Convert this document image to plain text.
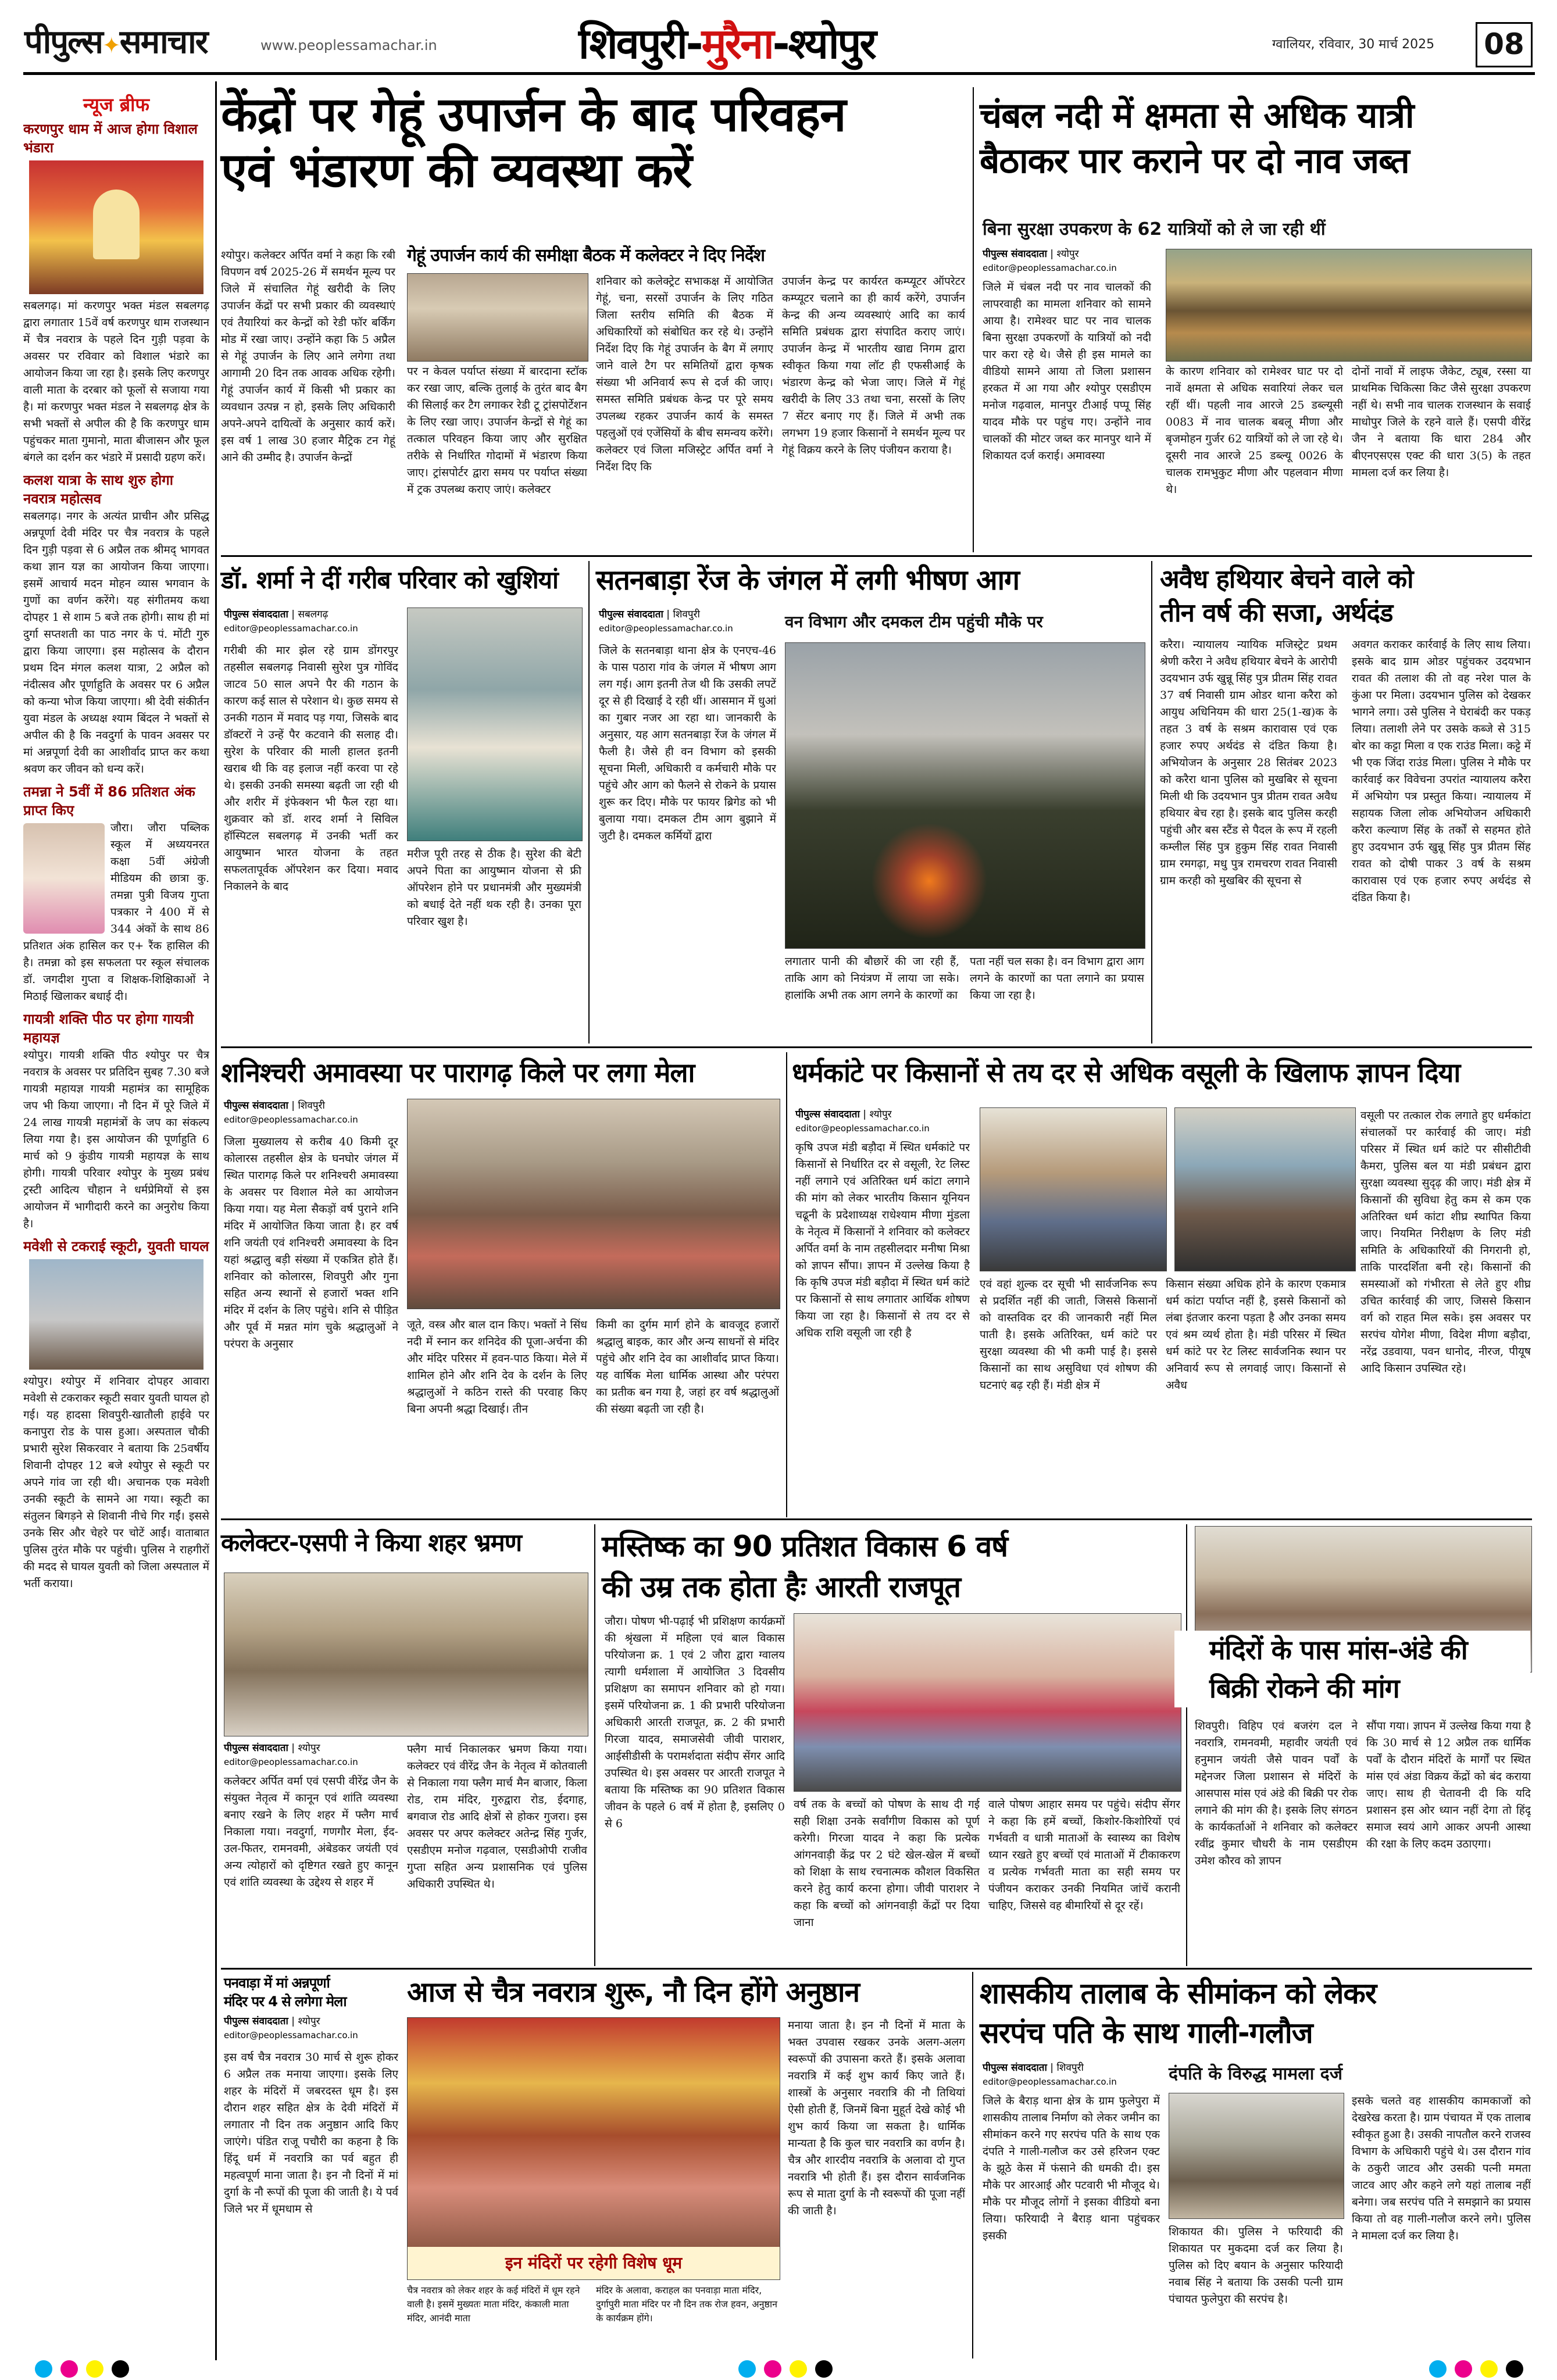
पीपुल्स✦समाचार	www.peoplessamachar.in	शिवपुरी-मुरैना-श्योपुर	ग्वालियर, रविवार, 30 मार्च 2025 08
न्यूज ब्रीफ
करणपुर धाम में आज होगा विशाल भंडारा
सबलगढ़। मां करणपुर भक्त मंडल सबलगढ़ द्वारा लगातार 15वें वर्ष करणपुर धाम राजस्थान में चैत्र नवरात्र के पहले दिन गुड़ी पड़वा के अवसर पर रविवार को विशाल भंडारे का आयोजन किया जा रहा है। इसके लिए करणपुर वाली माता के दरबार को फूलों से सजाया गया है। मां करणपुर भक्त मंडल ने सबलगढ़ क्षेत्र के सभी भक्तों से अपील की है कि करणपुर धाम पहुंचकर माता गुमानो, माता बीजासन और फूल बंगले का दर्शन कर भंडारे में प्रसादी ग्रहण करें।
कलश यात्रा के साथ शुरु होगा नवरात्र महोत्सव
सबलगढ़। नगर के अत्यंत प्राचीन और प्रसिद्ध अन्नपूर्णा देवी मंदिर पर चैत्र नवरात्र के पहले दिन गुड़ी पड़वा से 6 अप्रैल तक श्रीमद् भागवत कथा ज्ञान यज्ञ का आयोजन किया जाएगा। इसमें आचार्य मदन मोहन व्यास भगवान के गुणों का वर्णन करेंगे। यह संगीतमय कथा दोपहर 1 से शाम 5 बजे तक होगी। साथ ही मां दुर्गा सप्तशती का पाठ नगर के पं. मोंटी गुरु द्वारा किया जाएगा। इस महोत्सव के दौरान प्रथम दिन मंगल कलश यात्रा, 2 अप्रैल को नंदीत्सव और पूर्णाहुति के अवसर पर 6 अप्रैल को कन्या भोज किया जाएगा। श्री देवी संकीर्तन युवा मंडल के अध्यक्ष श्याम बिंदल ने भक्तों से अपील की है कि नवदुर्गा के पावन अवसर पर मां अन्नपूर्णा देवी का आशीर्वाद प्राप्त कर कथा श्रवण कर जीवन को धन्य करें।
तमन्ना ने 5वीं में 86 प्रतिशत अंक प्राप्त किए
जौरा। जौरा पब्लिक स्कूल में अध्ययनरत कक्षा 5वीं अंग्रेजी मीडियम की छात्रा कु. तमन्ना पुत्री विजय गुप्ता पत्रकार ने 400 में से 344 अंकों के साथ 86 प्रतिशत अंक हासिल कर ए+ रैंक हासिल की है। तमन्ना को इस सफलता पर स्कूल संचालक डॉ. जगदीश गुप्ता व शिक्षक-शिक्षिकाओं ने मिठाई खिलाकर बधाई दी।
गायत्री शक्ति पीठ पर होगा गायत्री महायज्ञ
श्योपुर। गायत्री शक्ति पीठ श्योपुर पर चैत्र नवरात्र के अवसर पर प्रतिदिन सुबह 7.30 बजे गायत्री महायज्ञ गायत्री महामंत्र का सामूहिक जप भी किया जाएगा। नौ दिन में पूरे जिले में 24 लाख गायत्री महामंत्रों के जप का संकल्प लिया गया है। इस आयोजन की पूर्णाहुति 6 मार्च को 9 कुंडीय गायत्री महायज्ञ के साथ होगी। गायत्री परिवार श्योपुर के मुख्य प्रबंध ट्रस्टी आदित्य चौहान ने धर्मप्रेमियों से इस आयोजन में भागीदारी करने का अनुरोध किया है।
मवेशी से टकराई स्कूटी, युवती घायल
श्योपुर। श्योपुर में शनिवार दोपहर आवारा मवेशी से टकराकर स्कूटी सवार युवती घायल हो गई। यह हादसा शिवपुरी-खातौली हाईवे पर कनापुरा रोड के पास हुआ। अस्पताल चौकी प्रभारी सुरेश सिकरवार ने बताया कि 25वर्षीय शिवानी दोपहर 12 बजे श्योपुर से स्कूटी पर अपने गांव जा रही थी। अचानक एक मवेशी उनकी स्कूटी के सामने आ गया। स्कूटी का संतुलन बिगड़ने से शिवानी नीचे गिर गईं। इससे उनके सिर और चेहरे पर चोटें आईं। वाताबात पुलिस तुरंत मौके पर पहुंची। पुलिस ने राहगीरों की मदद से घायल युवती को जिला अस्पताल में भर्ती कराया।
केंद्रों पर गेहूं उपार्जन के बाद परिवहन
एवं भंडारण की व्यवस्था करें
श्योपुर। कलेक्टर अर्पित वर्मा ने कहा कि रबी विपणन वर्ष 2025-26 में समर्थन मूल्य पर जिले में संचालित गेहूं खरीदी के लिए उपार्जन केंद्रों पर सभी प्रकार की व्यवस्थाएं एवं तैयारियां कर केन्द्रों को रेडी फॉर बर्किंग मोड में रखा जाए। उन्होंने कहा कि 5 अप्रैल से गेहूं उपार्जन के लिए आने लगेगा तथा आगामी 20 दिन तक आवक अधिक रहेगी। गेहूं उपार्जन कार्य में किसी भी प्रकार का व्यवधान उत्पन्न न हो, इसके लिए अधिकारी अपने-अपने दायित्वों के अनुसार कार्य करें। इस वर्ष 1 लाख 30 हजार मैट्रिक टन गेहूं आने की उम्मीद है। उपार्जन केन्द्रों
गेहूं उपार्जन कार्य की समीक्षा बैठक में कलेक्टर ने दिए निर्देश
पर न केवल पर्याप्त संख्या में बारदाना स्टॉक कर रखा जाए, बल्कि तुलाई के तुरंत बाद बैग की सिलाई कर टैग लगाकर रेडी टू ट्रांसपोर्टेशन के लिए रखा जाए। उपार्जन केन्द्रों से गेहूं का तत्काल परिवहन किया जाए और सुरक्षित तरीके से निर्धारित गोदामों में भंडारण किया जाए। ट्रांसपोर्टर द्वारा समय पर पर्याप्त संख्या में ट्रक उपलब्ध कराए जाएं। कलेक्टर
शनिवार को कलेक्ट्रेट सभाकक्ष में आयोजित गेहूं, चना, सरसों उपार्जन के लिए गठित जिला स्तरीय समिति की बैठक में अधिकारियों को संबोधित कर रहे थे। उन्होंने निर्देश दिए कि गेहूं उपार्जन के बैग में लगाए जाने वाले टैग पर समितियों द्वारा कृषक संख्या भी अनिवार्य रूप से दर्ज की जाए। समस्त समिति प्रबंधक केन्द्र पर पूरे समय उपलब्ध रहकर उपार्जन कार्य के समस्त पहलुओं एवं एजेंसियों के बीच समन्वय करेंगे। कलेक्टर एवं जिला मजिस्ट्रेट अर्पित वर्मा ने निर्देश दिए कि
उपार्जन केन्द्र पर कार्यरत कम्प्यूटर ऑपरेटर कम्प्यूटर चलाने का ही कार्य करेंगे, उपार्जन केन्द्र की अन्य व्यवस्थाएं आदि का कार्य समिति प्रबंधक द्वारा संपादित कराए जाएं। उपार्जन केन्द्र में भारतीय खाद्य निगम द्वारा स्वीकृत किया गया लॉट ही एफसीआई के भंडारण केन्द्र को भेजा जाए। जिले में गेहूं खरीदी के लिए 33 तथा चना, सरसों के लिए 7 सेंटर बनाए गए हैं। जिले में अभी तक लगभग 19 हजार किसानों ने समर्थन मूल्य पर गेहूं विक्रय करने के लिए पंजीयन कराया है।
चंबल नदी में क्षमता से अधिक यात्री
बैठाकर पार कराने पर दो नाव जब्त
बिना सुरक्षा उपकरण के 62 यात्रियों को ले जा रही थीं
पीपुल्स संवाददाता | श्योपुर
editor@peoplessamachar.co.in
जिले में चंबल नदी पर नाव चालकों की लापरवाही का मामला शनिवार को सामने आया है। रामेश्वर घाट पर नाव चालक बिना सुरक्षा उपकरणों के यात्रियों को नदी पार करा रहे थे। जैसे ही इस मामले का वीडियो सामने आया तो जिला प्रशासन हरकत में आ गया और श्योपुर एसडीएम मनोज गढ़वाल, मानपुर टीआई पप्पू सिंह यादव मौके पर पहुंच गए। उन्होंने नाव चालकों की मोटर जब्त कर मानपुर थाने में शिकायत दर्ज कराई। अमावस्या
के कारण शनिवार को रामेश्वर घाट पर दो नावें क्षमता से अधिक सवारियां लेकर चल रहीं थीं। पहली नाव आरजे 25 डब्ल्यूसी 0083 में नाव चालक बबलू मीणा और बृजमोहन गुर्जर 62 यात्रियों को ले जा रहे थे। दूसरी नाव आरजे 25 डब्ल्यू 0026 के चालक रामभुकुट मीणा और पहलवान मीणा थे।
दोनों नावों में लाइफ जैकेट, ट्यूब, रस्सा या प्राथमिक चिकित्सा किट जैसे सुरक्षा उपकरण नहीं थे। सभी नाव चालक राजस्थान के सवाई माधोपुर जिले के रहने वाले हैं। एसपी वीरेंद्र जैन ने बताया कि धारा 284 और बीएनएसएस एक्ट की धारा 3(5) के तहत मामला दर्ज कर लिया है।
डॉ. शर्मा ने दीं गरीब परिवार को खुशियां
पीपुल्स संवाददाता | सबलगढ़
editor@peoplessamachar.co.in
गरीबी की मार झेल रहे ग्राम डोंगरपुर तहसील सबलगढ़ निवासी सुरेश पुत्र गोविंद जाटव 50 साल अपने पैर की गठान के कारण कई साल से परेशान थे। कुछ समय से उनकी गठान में मवाद पड़ गया, जिसके बाद डॉक्टरों ने उन्हें पैर कटवाने की सलाह दी। सुरेश के परिवार की माली हालत इतनी खराब थी कि वह इलाज नहीं करवा पा रहे थे। इसकी उनकी समस्या बढ़ती जा रही थी और शरीर में इंफेक्शन भी फैल रहा था। शुक्रवार को डॉ. शरद शर्मा ने सिविल हॉस्पिटल सबलगढ़ में उनकी भर्ती कर आयुष्मान भारत योजना के तहत सफलतापूर्वक ऑपरेशन कर दिया। मवाद निकालने के बाद
मरीज पूरी तरह से ठीक है। सुरेश की बेटी अपने पिता का आयुष्मान योजना से फ्री ऑपरेशन होने पर प्रधानमंत्री और मुख्यमंत्री को बधाई देते नहीं थक रही है। उनका पूरा परिवार खुश है।
सतनबाड़ा रेंज के जंगल में लगी भीषण आग
पीपुल्स संवाददाता | शिवपुरी
editor@peoplessamachar.co.in	वन विभाग और दमकल टीम पहुंची मौके पर
जिले के सतनबाड़ा थाना क्षेत्र के एनएच-46 के पास पठारा गांव के जंगल में भीषण आग लग गई। आग इतनी तेज थी कि उसकी लपटें दूर से ही दिखाई दे रही थीं। आसमान में धुआं का गुबार नजर आ रहा था। जानकारी के अनुसार, यह आग सतनबाड़ा रेंज के जंगल में फैली है। जैसे ही वन विभाग को इसकी सूचना मिली, अधिकारी व कर्मचारी मौके पर पहुंचे और आग को फैलने से रोकने के प्रयास शुरू कर दिए। मौके पर फायर ब्रिगेड को भी बुलाया गया। दमकल टीम आग बुझाने में जुटी है। दमकल कर्मियों द्वारा
लगातार पानी की बौछारें की जा रही हैं, ताकि आग को नियंत्रण में लाया जा सके। हालांकि अभी तक आग लगने के कारणों का
पता नहीं चल सका है। वन विभाग द्वारा आग लगने के कारणों का पता लगाने का प्रयास किया जा रहा है।
अवैध हथियार बेचने वाले को
तीन वर्ष की सजा, अर्थदंड
करैरा। न्यायालय न्यायिक मजिस्ट्रेट प्रथम श्रेणी करैरा ने अवैध हथियार बेचने के आरोपी उदयभान उर्फ खुन्नू सिंह पुत्र प्रीतम सिंह रावत 37 वर्ष निवासी ग्राम ओडर थाना करैरा को आयुध अधिनियम की धारा 25(1-ख)क के तहत 3 वर्ष के सश्रम कारावास एवं एक हजार रुपए अर्थदंड से दंडित किया है। अभियोजन के अनुसार 28 सितंबर 2023 को करैरा थाना पुलिस को मुखबिर से सूचना मिली थी कि उदयभान पुत्र प्रीतम रावत अवैध हथियार बेच रहा है। इसके बाद पुलिस करही पहुंची और बस स्टैंड से पैदल के रूप में रहली कम्लील सिंह पुत्र हुकुम सिंह रावत निवासी ग्राम रमगढ़ा, मधु पुत्र रामचरण रावत निवासी ग्राम करही को मुखबिर की सूचना से
अवगत कराकर कार्रवाई के लिए साथ लिया। इसके बाद ग्राम ओडर पहुंचकर उदयभान रावत की तलाश की तो वह नरेश पाल के कुंआ पर मिला। उदयभान पुलिस को देखकर भागने लगा। उसे पुलिस ने घेराबंदी कर पकड़ लिया। तलाशी लेने पर उसके कब्जे से 315 बोर का कट्टा मिला व एक राउंड मिला। कट्टे में भी एक जिंदा राउंड मिला। पुलिस ने मौके पर कार्रवाई कर विवेचना उपरांत न्यायालय करैरा में अभियोग पत्र प्रस्तुत किया। न्यायालय में सहायक जिला लोक अभियोजन अधिकारी करैरा कल्याण सिंह के तर्कों से सहमत होते हुए उदयभान उर्फ खुन्नू सिंह पुत्र प्रीतम सिंह रावत को दोषी पाकर 3 वर्ष के सश्रम कारावास एवं एक हजार रुपए अर्थदंड से दंडित किया है।
शनिश्चरी अमावस्या पर पारागढ़ किले पर लगा मेला
पीपुल्स संवाददाता | शिवपुरी
editor@peoplessamachar.co.in
जिला मुख्यालय से करीब 40 किमी दूर कोलारस तहसील क्षेत्र के घनघोर जंगल में स्थित पारागढ़ किले पर शनिश्चरी अमावस्या के अवसर पर विशाल मेले का आयोजन किया गया। यह मेला सैकड़ों वर्ष पुराने शनि मंदिर में आयोजित किया जाता है। हर वर्ष शनि जयंती एवं शनिश्चरी अमावस्या के दिन यहां श्रद्धालु बड़ी संख्या में एकत्रित होते हैं। शनिवार को कोलारस, शिवपुरी और गुना सहित अन्य स्थानों से हजारों भक्त शनि मंदिर में दर्शन के लिए पहुंचे। शनि से पीड़ित और पूर्व में मन्नत मांग चुके श्रद्धालुओं ने परंपरा के अनुसार
जूते, वस्त्र और बाल दान किए। भक्तों ने सिंध नदी में स्नान कर शनिदेव की पूजा-अर्चना की और मंदिर परिसर में हवन-पाठ किया। मेले में शामिल होने और शनि देव के दर्शन के लिए श्रद्धालुओं ने कठिन रास्ते की परवाह किए बिना अपनी श्रद्धा दिखाई। तीन
किमी का दुर्गम मार्ग होने के बावजूद हजारों श्रद्धालु बाइक, कार और अन्य साधनों से मंदिर पहुंचे और शनि देव का आशीर्वाद प्राप्त किया। यह वार्षिक मेला धार्मिक आस्था और परंपरा का प्रतीक बन गया है, जहां हर वर्ष श्रद्धालुओं की संख्या बढ़ती जा रही है।
धर्मकांटे पर किसानों से तय दर से अधिक वसूली के खिलाफ ज्ञापन दिया
पीपुल्स संवाददाता | श्योपुर
editor@peoplessamachar.co.in
कृषि उपज मंडी बड़ौदा में स्थित धर्मकांटे पर किसानों से निर्धारित दर से वसूली, रेट लिस्ट नहीं लगाने एवं अतिरिक्त धर्म कांटा लगाने की मांग को लेकर भारतीय किसान यूनियन चढूनी के प्रदेशाध्यक्ष राधेश्याम मीणा मुंडला के नेतृत्व में किसानों ने शनिवार को कलेक्टर अर्पित वर्मा के नाम तहसीलदार मनीषा मिश्रा को ज्ञापन सौंपा। ज्ञापन में उल्लेख किया है कि कृषि उपज मंडी बड़ौदा में स्थित धर्म कांटे पर किसानों से साथ लगातार आर्थिक शोषण किया जा रहा है। किसानों से तय दर से अधिक राशि वसूली जा रही है
एवं वहां शुल्क दर सूची भी सार्वजनिक रूप से प्रदर्शित नहीं की जाती, जिससे किसानों को वास्तविक दर की जानकारी नहीं मिल पाती है। इसके अतिरिक्त, धर्म कांटे पर सुरक्षा व्यवस्था की भी कमी पाई है। इससे किसानों का साथ असुविधा एवं शोषण की घटनाएं बढ़ रही हैं। मंडी क्षेत्र में
किसान संख्या अधिक होने के कारण एकमात्र धर्म कांटा पर्याप्त नहीं है, इससे किसानों को लंबा इंतजार करना पड़ता है और उनका समय एवं श्रम व्यर्थ होता है। मंडी परिसर में स्थित धर्म कांटे पर रेट लिस्ट सार्वजनिक स्थान पर अनिवार्य रूप से लगवाई जाए। किसानों से अवैध
वसूली पर तत्काल रोक लगाते हुए धर्मकांटा संचालकों पर कार्रवाई की जाए। मंडी परिसर में स्थित धर्म कांटे पर सीसीटीवी कैमरा, पुलिस बल या मंडी प्रबंधन द्वारा सुरक्षा व्यवस्था सुदृढ़ की जाए। मंडी क्षेत्र में किसानों की सुविधा हेतु कम से कम एक अतिरिक्त धर्म कांटा शीघ्र स्थापित किया जाए। नियमित निरीक्षण के लिए मंडी समिति के अधिकारियों की निगरानी हो, ताकि पारदर्शिता बनी रहे। किसानों की समस्याओं को गंभीरता से लेते हुए शीघ्र उचित कार्रवाई की जाए, जिससे किसान वर्ग को राहत मिल सके। इस अवसर पर सरपंच योगेश मीणा, विदेश मीणा बड़ौदा, नरेंद्र उडवाया, पवन धानोद, नीरज, पीयूष आदि किसान उपस्थित रहे।
कलेक्टर-एसपी ने किया शहर भ्रमण
पीपुल्स संवाददाता | श्योपुर
editor@peoplessamachar.co.in
कलेक्टर अर्पित वर्मा एवं एसपी वीरेंद्र जैन के संयुक्त नेतृत्व में कानून एवं शांति व्यवस्था बनाए रखने के लिए शहर में फ्लैग मार्च निकाला गया। नवदुर्गा, गणगौर मेला, ईद-उल-फितर, रामनवमी, अंबेडकर जयंती एवं अन्य त्योहारों को दृष्टिगत रखते हुए कानून एवं शांति व्यवस्था के उद्देश्य से शहर में
फ्लैग मार्च निकालकर भ्रमण किया गया। कलेक्टर एवं वीरेंद्र जैन के नेतृत्व में कोतवाली से निकाला गया फ्लैग मार्च मैन बाजार, किला रोड, राम मंदिर, गुरुद्वारा रोड, ईदगाह, बगवाज रोड आदि क्षेत्रों से होकर गुजरा। इस अवसर पर अपर कलेक्टर अतेन्द्र सिंह गुर्जर, एसडीएम मनोज गढ़वाल, एसडीओपी राजीव गुप्ता सहित अन्य प्रशासनिक एवं पुलिस अधिकारी उपस्थित थे।
मस्तिष्क का 90 प्रतिशत विकास 6 वर्ष
की उम्र तक होता हैः आरती राजपूत
जौरा। पोषण भी-पढ़ाई भी प्रशिक्षण कार्यक्रमों की श्रृंखला में महिला एवं बाल विकास परियोजना क्र. 1 एवं 2 जौरा द्वारा ग्वालय त्यागी धर्मशाला में आयोजित 3 दिवसीय प्रशिक्षण का समापन शनिवार को हो गया। इसमें परियोजना क्र. 1 की प्रभारी परियोजना अधिकारी आरती राजपूत, क्र. 2 की प्रभारी गिरजा यादव, समाजसेवी जीवी पाराशर, आईसीडीसी के परामर्शदाता संदीप सेंगर आदि उपस्थित थे। इस अवसर पर आरती राजपूत ने बताया कि मस्तिष्क का 90 प्रतिशत विकास जीवन के पहले 6 वर्ष में होता है, इसलिए 0 से 6
वर्ष तक के बच्चों को पोषण के साथ दी गई सही शिक्षा उनके सर्वांगीण विकास को पूर्ण करेगी। गिरजा यादव ने कहा कि प्रत्येक आंगनवाड़ी केंद्र पर 2 घंटे खेल-खेल में बच्चों को शिक्षा के साथ रचनात्मक कौशल विकसित करने हेतु कार्य करना होगा। जीवी पाराशर ने कहा कि बच्चों को आंगनवाड़ी केंद्रों पर दिया जाना
वाले पोषण आहार समय पर पहुंचे। संदीप सेंगर ने कहा कि हमें बच्चों, किशोर-किशोरियों एवं गर्भवती व धात्री माताओं के स्वास्थ्य का विशेष ध्यान रखते हुए बच्चों एवं माताओं में टीकाकरण व प्रत्येक गर्भवती माता का सही समय पर पंजीयन कराकर उनकी नियमित जांचें करानी चाहिए, जिससे वह बीमारियों से दूर रहें।
मंदिरों के पास मांस-अंडे की
बिक्री रोकने की मांग
शिवपुरी। विहिप एवं बजरंग दल ने नवरात्रि, रामनवमी, महावीर जयंती एवं हनुमान जयंती जैसे पावन पर्वों के मद्देनजर जिला प्रशासन से मंदिरों के आसपास मांस एवं अंडे की बिक्री पर रोक लगाने की मांग की है। इसके लिए संगठन के कार्यकर्ताओं ने शनिवार को कलेक्टर रवींद्र कुमार चौधरी के नाम एसडीएम उमेश कौरव को ज्ञापन
सौंपा गया। ज्ञापन में उल्लेख किया गया है कि 30 मार्च से 12 अप्रैल तक धार्मिक पर्वों के दौरान मंदिरों के मार्गों पर स्थित मांस एवं अंडा विक्रय केंद्रों को बंद कराया जाए। साथ ही चेतावनी दी कि यदि प्रशासन इस ओर ध्यान नहीं देगा तो हिंदू समाज स्वयं आगे आकर अपनी आस्था की रक्षा के लिए कदम उठाएगा।
पनवाड़ा में मां अन्नपूर्णा
मंदिर पर 4 से लगेगा मेला	आज से चैत्र नवरात्र शुरू, नौ दिन होंगे अनुष्ठान
पीपुल्स संवाददाता | श्योपुर
editor@peoplessamachar.co.in
इस वर्ष चैत्र नवरात्र 30 मार्च से शुरू होकर 6 अप्रैल तक मनाया जाएगा। इसके लिए शहर के मंदिरों में जबरदस्त धूम है। इस दौरान शहर सहित क्षेत्र के देवी मंदिरों में लगातार नौ दिन तक अनुष्ठान आदि किए जाएंगे। पंडित राजू पचौरी का कहना है कि हिंदू धर्म में नवरात्रि का पर्व बहुत ही महत्वपूर्ण माना जाता है। इन नौ दिनों में मां दुर्गा के नौ रूपों की पूजा की जाती है। ये पर्व जिले भर में धूमधाम से
इन मंदिरों पर रहेगी विशेष धूम
चैत्र नवरात्र को लेकर शहर के कई मंदिरों में धूम रहने वाली है। इसमें मुख्यतः माता मंदिर, कंकाली माता मंदिर, आनंदी माता
मंदिर के अलावा, कराहल का पनवाड़ा माता मंदिर, दुर्गापुरी माता मंदिर पर नौ दिन तक रोज हवन, अनुष्ठान के कार्यक्रम होंगे।
मनाया जाता है। इन नौ दिनों में माता के भक्त उपवास रखकर उनके अलग-अलग स्वरूपों की उपासना करते हैं। इसके अलावा नवरात्रि में कई शुभ कार्य किए जाते हैं। शास्त्रों के अनुसार नवरात्रि की नौ तिथियां ऐसी होती हैं, जिनमें बिना मुहूर्त देखे कोई भी शुभ कार्य किया जा सकता है। धार्मिक मान्यता है कि कुल चार नवरात्रि का वर्णन है। चैत्र और शारदीय नवरात्रि के अलावा दो गुप्त नवरात्रि भी होती हैं। इस दौरान सार्वजनिक रूप से माता दुर्गा के नौ स्वरूपों की पूजा नहीं की जाती है।
शासकीय तालाब के सीमांकन को लेकर
सरपंच पति के साथ गाली-गलौज
पीपुल्स संवाददाता | शिवपुरी
editor@peoplessamachar.co.in	दंपति के विरुद्ध मामला दर्ज
जिले के बैराड़ थाना क्षेत्र के ग्राम फुलेपुरा में शासकीय तालाब निर्माण को लेकर जमीन का सीमांकन करने गए सरपंच पति के साथ एक दंपति ने गाली-गलौज कर उसे हरिजन एक्ट के झूठे केस में फंसाने की धमकी दी। इस मौके पर आरआई और पटवारी भी मौजूद थे। मौके पर मौजूद लोगों ने इसका वीडियो बना लिया। फरियादी ने बैराड़ थाना पहुंचकर इसकी	शिकायत की। पुलिस ने फरियादी की शिकायत पर मुकदमा दर्ज कर लिया है। पुलिस को दिए बयान के अनुसार फरियादी नवाब सिंह ने बताया कि उसकी पत्नी ग्राम पंचायत फुलेपुरा की सरपंच है।
इसके चलते वह शासकीय कामकाजों को देखरेख करता है। ग्राम पंचायत में एक तालाब स्वीकृत हुआ है। उसकी नापतौल करने राजस्व विभाग के अधिकारी पहुंचे थे। उस दौरान गांव के ठकुरी जाटव और उसकी पत्नी ममता जाटव आए और कहने लगे यहां तालाब नहीं बनेगा। जब सरपंच पति ने समझाने का प्रयास किया तो वह गाली-गलौज करने लगे। पुलिस ने मामला दर्ज कर लिया है।
